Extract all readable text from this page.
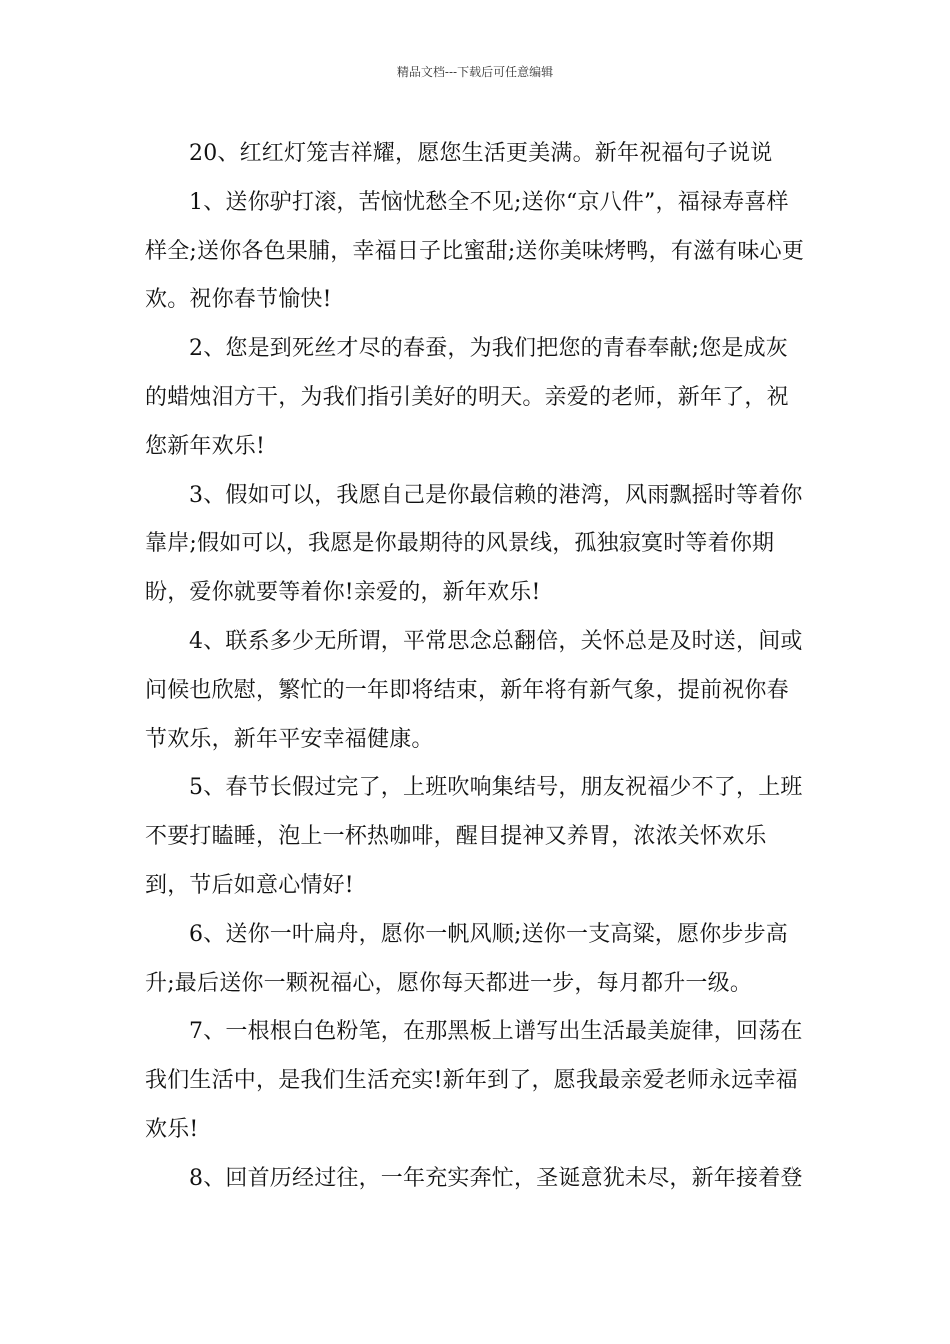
精品文档---下载后可任意编辑

20、红红灯笼吉祥耀，愿您生活更美满。新年祝福句子说说

1、送你驴打滚，苦恼忧愁全不见;送你“京八件”，福禄寿喜样样全;送你各色果脯，幸福日子比蜜甜;送你美味烤鸭，有滋有味心更欢。祝你春节愉快!

2、您是到死丝才尽的春蚕，为我们把您的青春奉献;您是成灰的蜡烛泪方干，为我们指引美好的明天。亲爱的老师，新年了，祝您新年欢乐!

3、假如可以，我愿自己是你最信赖的港湾，风雨飘摇时等着你靠岸;假如可以，我愿是你最期待的风景线，孤独寂寞时等着你期盼，爱你就要等着你!亲爱的，新年欢乐!

4、联系多少无所谓，平常思念总翻倍，关怀总是及时送，间或问候也欣慰，繁忙的一年即将结束，新年将有新气象，提前祝你春节欢乐，新年平安幸福健康。

5、春节长假过完了，上班吹响集结号，朋友祝福少不了，上班不要打瞌睡，泡上一杯热咖啡，醒目提神又养胃，浓浓关怀欢乐到，节后如意心情好!

6、送你一叶扁舟，愿你一帆风顺;送你一支高粱，愿你步步高升;最后送你一颗祝福心，愿你每天都进一步，每月都升一级。

7、一根根白色粉笔，在那黑板上谱写出生活最美旋律，回荡在我们生活中，是我们生活充实!新年到了，愿我最亲爱老师永远幸福欢乐!

8、回首历经过往，一年充实奔忙，圣诞意犹未尽，新年接着登
